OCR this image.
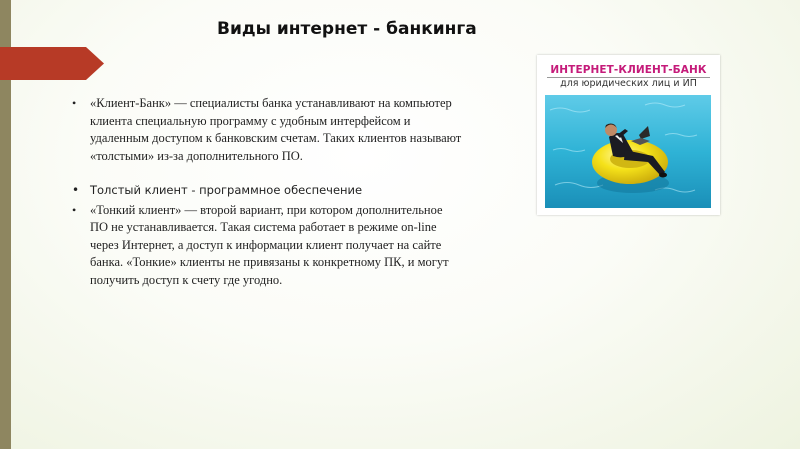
Виды интернет - банкинга
• «Клиент-Банк» — специалисты банка устанавливают на компьютер клиента специальную программу с удобным интерфейсом и удаленным доступом к банковским счетам. Таких клиентов называют «толстыми» из-за дополнительного ПО.
• Толстый клиент - программное обеспечение
• «Тонкий клиент» — второй вариант, при котором дополнительное ПО не устанавливается. Такая система работает в режиме on-line через Интернет, а доступ к информации клиент получает на сайте банка. «Тонкие» клиенты не привязаны к конкретному ПК, и могут получить доступ к счету где угодно.
ИНТЕРНЕТ-КЛИЕНТ-БАНК
для юридических лиц и ИП
